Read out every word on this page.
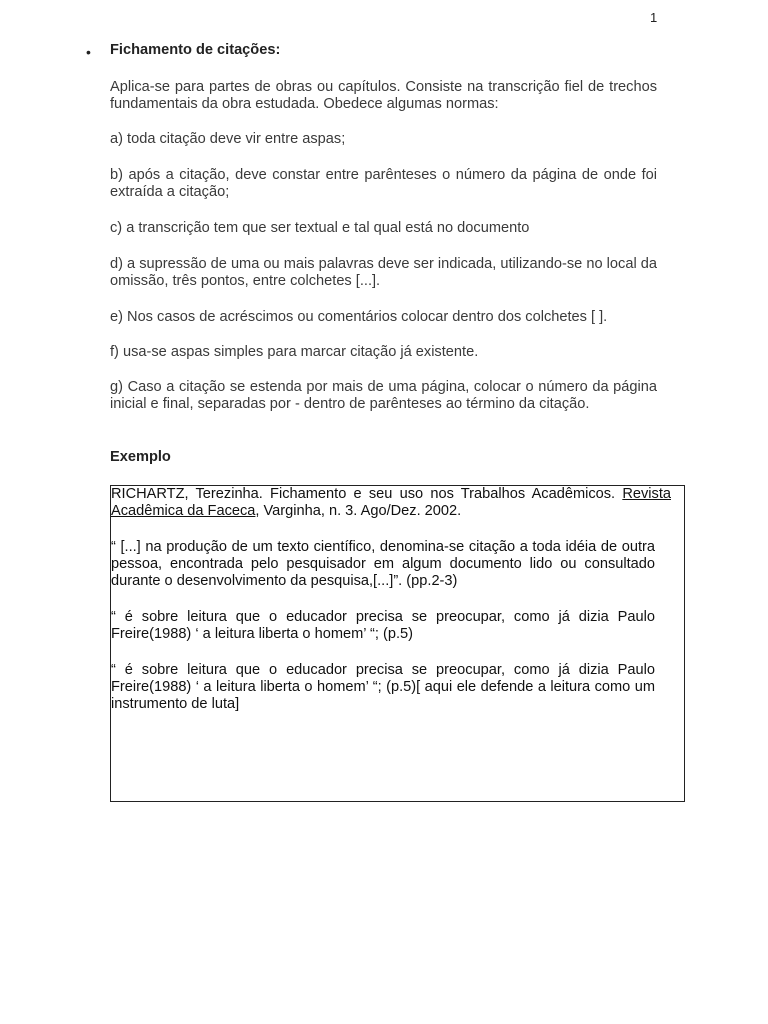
1
• Fichamento de citações:
Aplica-se para partes de obras ou capítulos. Consiste na transcrição fiel de trechos fundamentais da obra estudada. Obedece algumas normas:
a) toda citação deve vir entre aspas;
b) após a citação, deve constar entre parênteses o número da página de onde foi extraída a citação;
c) a transcrição tem que ser textual e tal qual está no documento
d) a supressão de uma ou mais palavras deve ser indicada, utilizando-se no local da omissão, três pontos, entre colchetes [...].
e) Nos casos de acréscimos ou comentários colocar dentro dos colchetes [ ].
f) usa-se aspas simples para marcar citação já existente.
g) Caso a citação se estenda por mais de uma página, colocar o número da página inicial e final, separadas por - dentro de parênteses ao término da citação.
Exemplo
RICHARTZ, Terezinha. Fichamento e seu uso nos Trabalhos Acadêmicos. Revista Acadêmica da Faceca, Varginha, n. 3. Ago/Dez. 2002.
“ [...] na produção de um texto científico, denomina-se citação a toda idéia de outra pessoa, encontrada pelo pesquisador em algum documento lido ou consultado durante o desenvolvimento da pesquisa,[...]”. (pp.2-3)
“ é sobre leitura que o educador precisa se preocupar, como já dizia Paulo Freire(1988) ‘ a leitura liberta o homem’ “; (p.5)
“ é sobre leitura que o educador precisa se preocupar, como já dizia Paulo Freire(1988) ‘ a leitura liberta o homem’ “; (p.5)[ aqui ele defende a leitura como um instrumento de luta]
